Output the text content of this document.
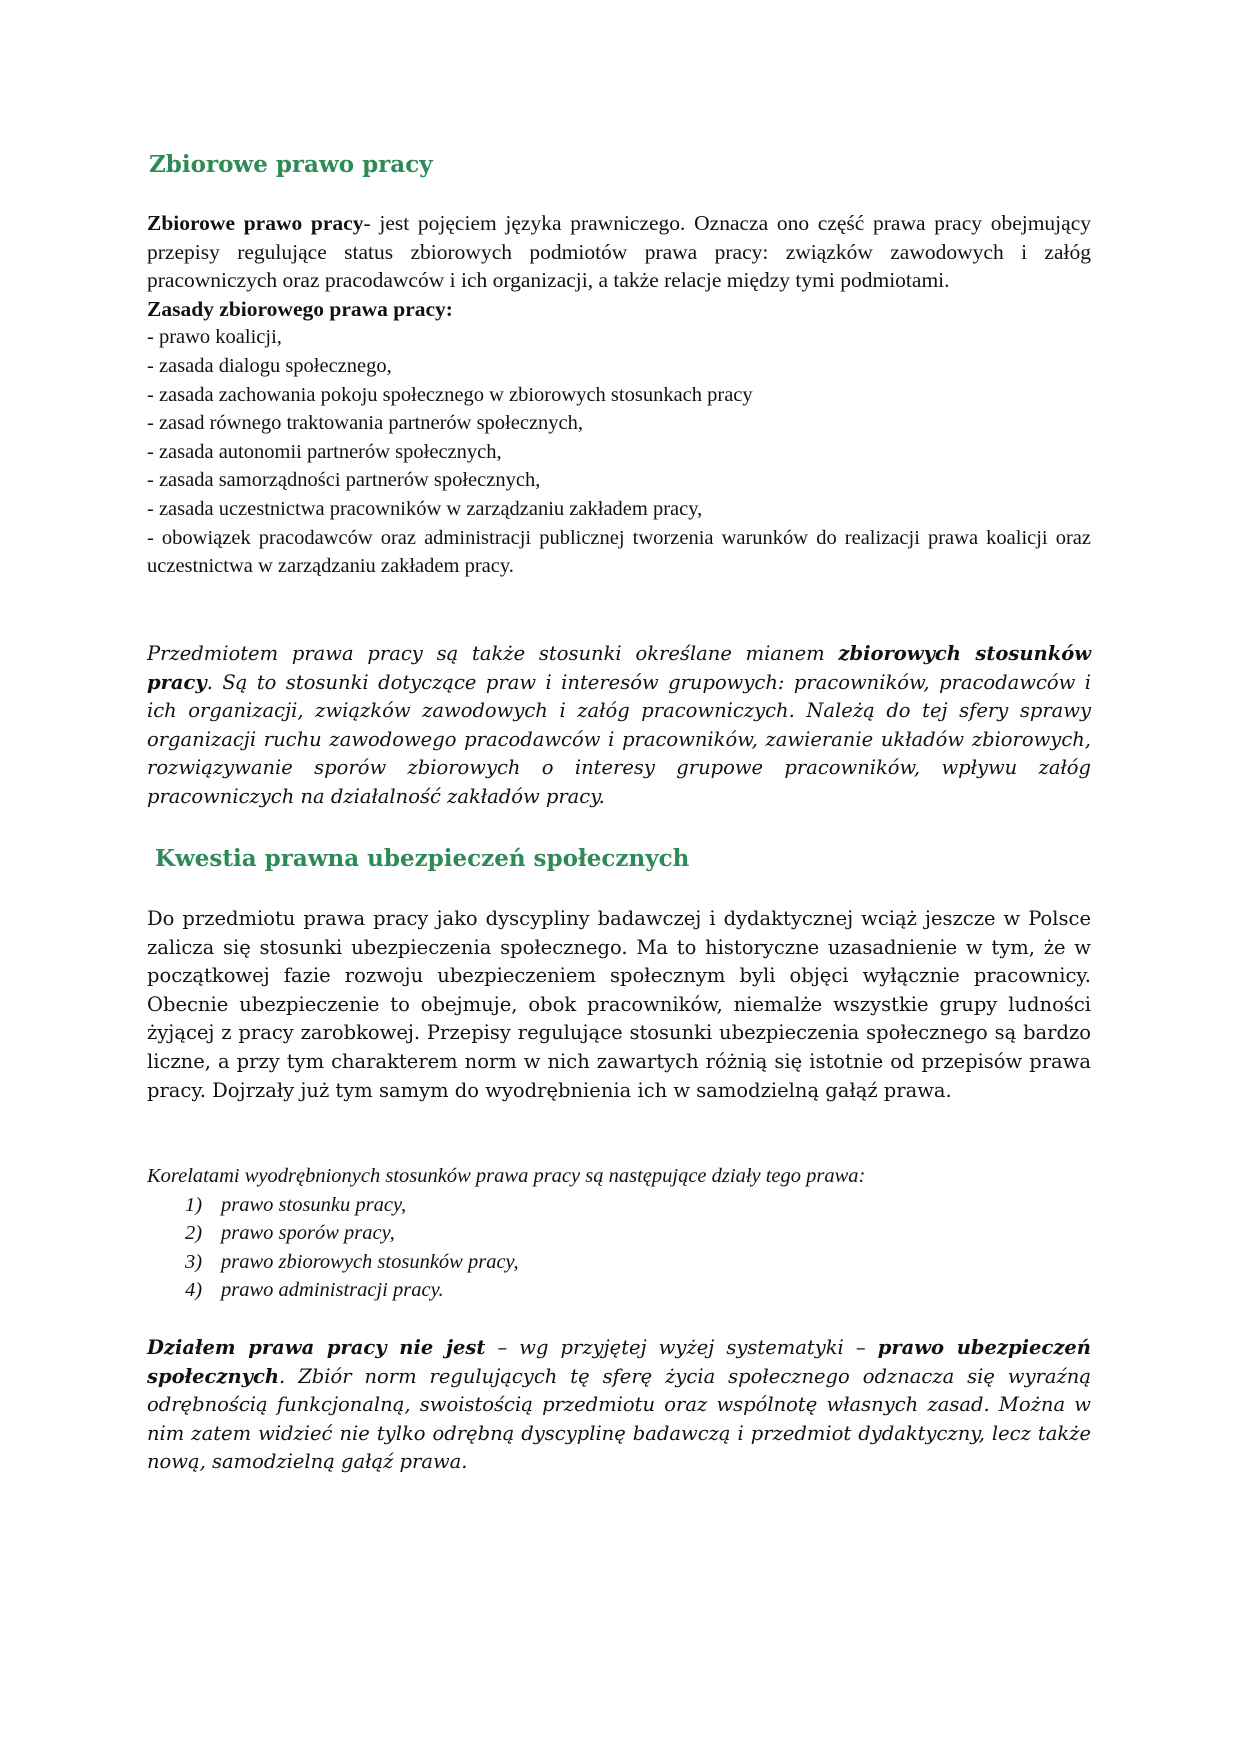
Zbiorowe prawo pracy

Zbiorowe prawo pracy- jest pojęciem języka prawniczego. Oznacza ono część prawa pracy obejmujący przepisy regulujące status zbiorowych podmiotów prawa pracy: związków zawodowych i załóg pracowniczych oraz pracodawców i ich organizacji, a także relacje między tymi podmiotami.

Zasady zbiorowego prawa pracy:

- prawo koalicji,
- zasada dialogu społecznego,
- zasada zachowania pokoju społecznego w zbiorowych stosunkach pracy
- zasad równego traktowania partnerów społecznych,
- zasada autonomii partnerów społecznych,
- zasada samorządności partnerów społecznych,
- zasada uczestnictwa pracowników w zarządzaniu zakładem pracy,
- obowiązek pracodawców oraz administracji publicznej tworzenia warunków do realizacji prawa koalicji oraz uczestnictwa w zarządzaniu zakładem pracy.

Przedmiotem prawa pracy są także stosunki określane mianem zbiorowych stosunków pracy. Są to stosunki dotyczące praw i interesów grupowych: pracowników, pracodawców i ich organizacji, związków zawodowych i załóg pracowniczych. Należą do tej sfery sprawy organizacji ruchu zawodowego pracodawców i pracowników, zawieranie układów zbiorowych, rozwiązywanie sporów zbiorowych o interesy grupowe pracowników, wpływu załóg pracowniczych na działalność zakładów pracy.

Kwestia prawna ubezpieczeń społecznych

Do przedmiotu prawa pracy jako dyscypliny badawczej i dydaktycznej wciąż jeszcze w Polsce zalicza się stosunki ubezpieczenia społecznego. Ma to historyczne uzasadnienie w tym, że w początkowej fazie rozwoju ubezpieczeniem społecznym byli objęci wyłącznie pracownicy. Obecnie ubezpieczenie to obejmuje, obok pracowników, niemalże wszystkie grupy ludności żyjącej z pracy zarobkowej. Przepisy regulujące stosunki ubezpieczenia społecznego są bardzo liczne, a przy tym charakterem norm w nich zawartych różnią się istotnie od przepisów prawa pracy. Dojrzały już tym samym do wyodrębnienia ich w samodzielną gałąź prawa.

Korelatami wyodrębnionych stosunków prawa pracy są następujące działy tego prawa:

1) prawo stosunku pracy,
2) prawo sporów pracy,
3) prawo zbiorowych stosunków pracy,
4) prawo administracji pracy.

Działem prawa pracy nie jest – wg przyjętej wyżej systematyki – prawo ubezpieczeń społecznych. Zbiór norm regulujących tę sferę życia społecznego odznacza się wyraźną odrębnością funkcjonalną, swoistością przedmiotu oraz wspólnotę własnych zasad. Można w nim zatem widzieć nie tylko odrębną dyscyplinę badawczą i przedmiot dydaktyczny, lecz także nową, samodzielną gałąź prawa.
